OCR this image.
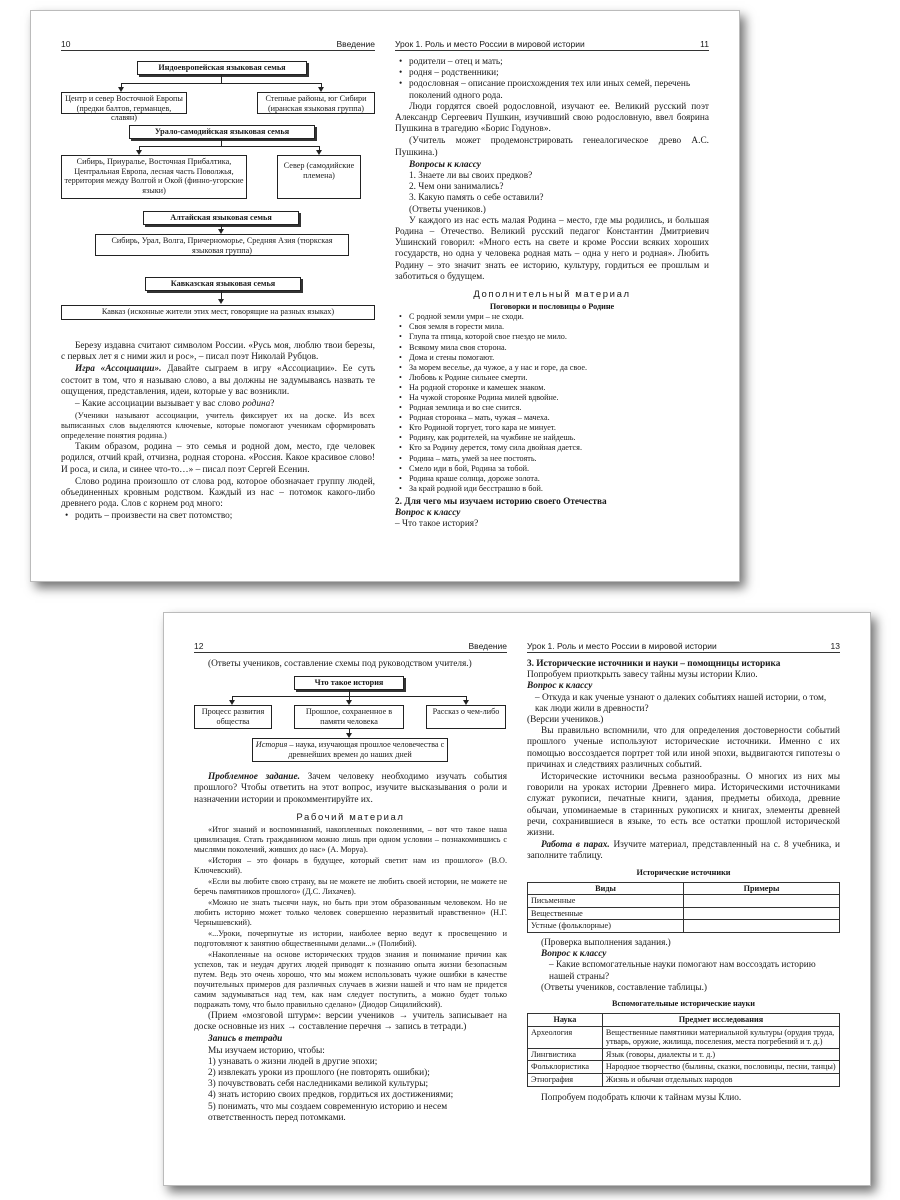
10	Введение
Индоевропейская языковая семья
Центр и север Восточной Европы (предки балтов, германцев, славян)
Степные районы, юг Сибири (иранская языковая группа)
Урало-самодийская языковая семья
Сибирь, Приуралье, Восточная Прибалтика, Центральная Европа, лесная часть Поволжья, территория между Волгой и Окой (финно-угорские языки)
Север (самодийские племена)
Алтайская языковая семья
Сибирь, Урал, Волга, Причерноморье, Средняя Азия (тюркская языковая группа)
Кавказская языковая семья
Кавказ (исконные жители этих мест, говорящие на разных языках)

Березу издавна считают символом России. «Русь моя, люблю твои березы, с первых лет я с ними жил и рос», – писал поэт Николай Рубцов.

Игра «Ассоциации». Давайте сыграем в игру «Ассоциации». Ее суть состоит в том, что я называю слово, а вы должны не задумываясь назвать те ощущения, представления, идеи, которые у вас возникли.

– Какие ассоциации вызывает у вас слово родина?

(Ученики называют ассоциации, учитель фиксирует их на доске. Из всех выписанных слов выделяются ключевые, которые помогают ученикам сформировать определение понятия родина.)

Таким образом, родина – это семья и родной дом, место, где человек родился, отчий край, отчизна, родная сторона. «Россия. Какое красивое слово! И роса, и сила, и синее что-то…» – писал поэт Сергей Есенин.

Слово родина произошло от слова род, которое обозначает группу людей, объединенных кровным родством. Каждый из нас – потомок какого-либо древнего рода. Слов с корнем род много:

• родить – произвести на свет потомство;
Урок 1. Роль и место России в мировой истории	11
• родители – отец и мать;
• родня – родственники;
• родословная – описание происхождения тех или иных семей, перечень поколений одного рода.

Люди гордятся своей родословной, изучают ее. Великий русский поэт Александр Сергеевич Пушкин, изучивший свою родословную, ввел боярина Пушкина в трагедию «Борис Годунов».

(Учитель может продемонстрировать генеалогическое древо А.С. Пушкина.)

Вопросы к классу

1. Знаете ли вы своих предков?

2. Чем они занимались?

3. Какую память о себе оставили?

(Ответы учеников.)

У каждого из нас есть малая Родина – место, где мы родились, и большая Родина – Отечество. Великий русский педагог Константин Дмитриевич Ушинский говорил: «Много есть на свете и кроме России всяких хороших государств, но одна у человека родная мать – одна у него и родная». Любить Родину – это значит знать ее историю, культуру, гордиться ее прошлым и заботиться о будущем.

Дополнительный материал

Поговорки и пословицы о Родине

• С родной земли умри – не сходи.
• Своя земля в горести мила.
• Глупа та птица, которой свое гнездо не мило.
• Всякому мила своя сторона.
• Дома и стены помогают.
• За морем веселье, да чужое, а у нас и горе, да свое.
• Любовь к Родине сильнее смерти.
• На родной сторонке и камешек знаком.
• На чужой сторонке Родина милей вдвойне.
• Родная землица и во сне снится.
• Родная сторонка – мать, чужая – мачеха.
• Кто Родиной торгует, того кара не минует.
• Родину, как родителей, на чужбине не найдешь.
• Кто за Родину дерется, тому сила двойная дается.
• Родина – мать, умей за нее постоять.
• Смело иди в бой, Родина за тобой.
• Родина краше солнца, дороже золота.
• За край родной иди бесстрашно в бой.

2. Для чего мы изучаем историю своего Отечества

Вопрос к классу

– Что такое история?

12	Введение

(Ответы учеников, составление схемы под руководством учителя.)

Что такое история
Процесс развития общества
Прошлое, сохраненное в памяти человека
Рассказ о чем-либо
История – наука, изучающая прошлое человечества с древнейших времен до наших дней

Проблемное задание. Зачем человеку необходимо изучать события прошлого? Чтобы ответить на этот вопрос, изучите высказывания о роли и назначении истории и прокомментируйте их.

Рабочий материал

«Итог знаний и воспоминаний, накопленных поколениями, – вот что такое наша цивилизация. Стать гражданином можно лишь при одном условии – познакомившись с мыслями поколений, живших до нас» (А. Моруа).

«История – это фонарь в будущее, который светит нам из прошлого» (В.О. Ключевский).

«Если вы любите свою страну, вы не можете не любить своей истории, не можете не беречь памятников прошлого» (Д.С. Лихачев).

«Можно не знать тысячи наук, но быть при этом образованным человеком. Но не любить историю может только человек совершенно неразвитый нравственно» (Н.Г. Чернышевский).

«...Уроки, почерпнутые из истории, наиболее верно ведут к просвещению и подготовляют к занятию общественными делами...» (Полибий).

«Накопленные на основе исторических трудов знания и понимание причин как успехов, так и неудач других людей приводят к познанию опыта жизни безопасным путем. Ведь это очень хорошо, что мы можем использовать чужие ошибки в качестве поучительных примеров для различных случаев в жизни нашей и что нам не придется самим задумываться над тем, как нам следует поступить, а можно будет только подражать тому, что было правильно сделано» (Диодор Сицилийский).

(Прием «мозговой штурм»: версии учеников → учитель записывает на доске основные из них → составление перечня → запись в тетради.)

Запись в тетради

Мы изучаем историю, чтобы:

1) узнавать о жизни людей в другие эпохи;

2) извлекать уроки из прошлого (не повторять ошибки);

3) почувствовать себя наследниками великой культуры;

4) знать историю своих предков, гордиться их достижениями;

5) понимать, что мы создаем современную историю и несем ответственность перед потомками.

Урок 1. Роль и место России в мировой истории	13

3. Исторические источники и науки – помощницы историка

Попробуем приоткрыть завесу тайны музы истории Клио.

Вопрос к классу

– Откуда и как ученые узнают о далеких событиях нашей истории, о том, как люди жили в древности?

(Версии учеников.)

Вы правильно вспомнили, что для определения достоверности событий прошлого ученые используют исторические источники. Именно с их помощью воссоздается портрет той или иной эпохи, выдвигаются гипотезы о причинах и следствиях различных событий.

Исторические источники весьма разнообразны. О многих из них мы говорили на уроках истории Древнего мира. Историческими источниками служат рукописи, печатные книги, здания, предметы обихода, древние обычаи, упоминаемые в старинных рукописях и книгах, элементы древней речи, сохранившиеся в языке, то есть все остатки прошлой исторической жизни.

Работа в парах. Изучите материал, представленный на с. 8 учебника, и заполните таблицу.

Исторические источники

Виды	Примеры
Письменные	
Вещественные	
Устные (фольклорные)	

(Проверка выполнения задания.)

Вопрос к классу

– Какие вспомогательные науки помогают нам воссоздать историю нашей страны?

(Ответы учеников, составление таблицы.)

Вспомогательные исторические науки

Наука	Предмет исследования
Археология	Вещественные памятники материальной культуры (орудия труда, утварь, оружие, жилища, поселения, места погребений и т. д.)
Лингвистика	Язык (говоры, диалекты и т. д.)
Фольклористика	Народное творчество (былины, сказки, пословицы, песни, танцы)
Этнография	Жизнь и обычаи отдельных народов

Попробуем подобрать ключи к тайнам музы Клио.
